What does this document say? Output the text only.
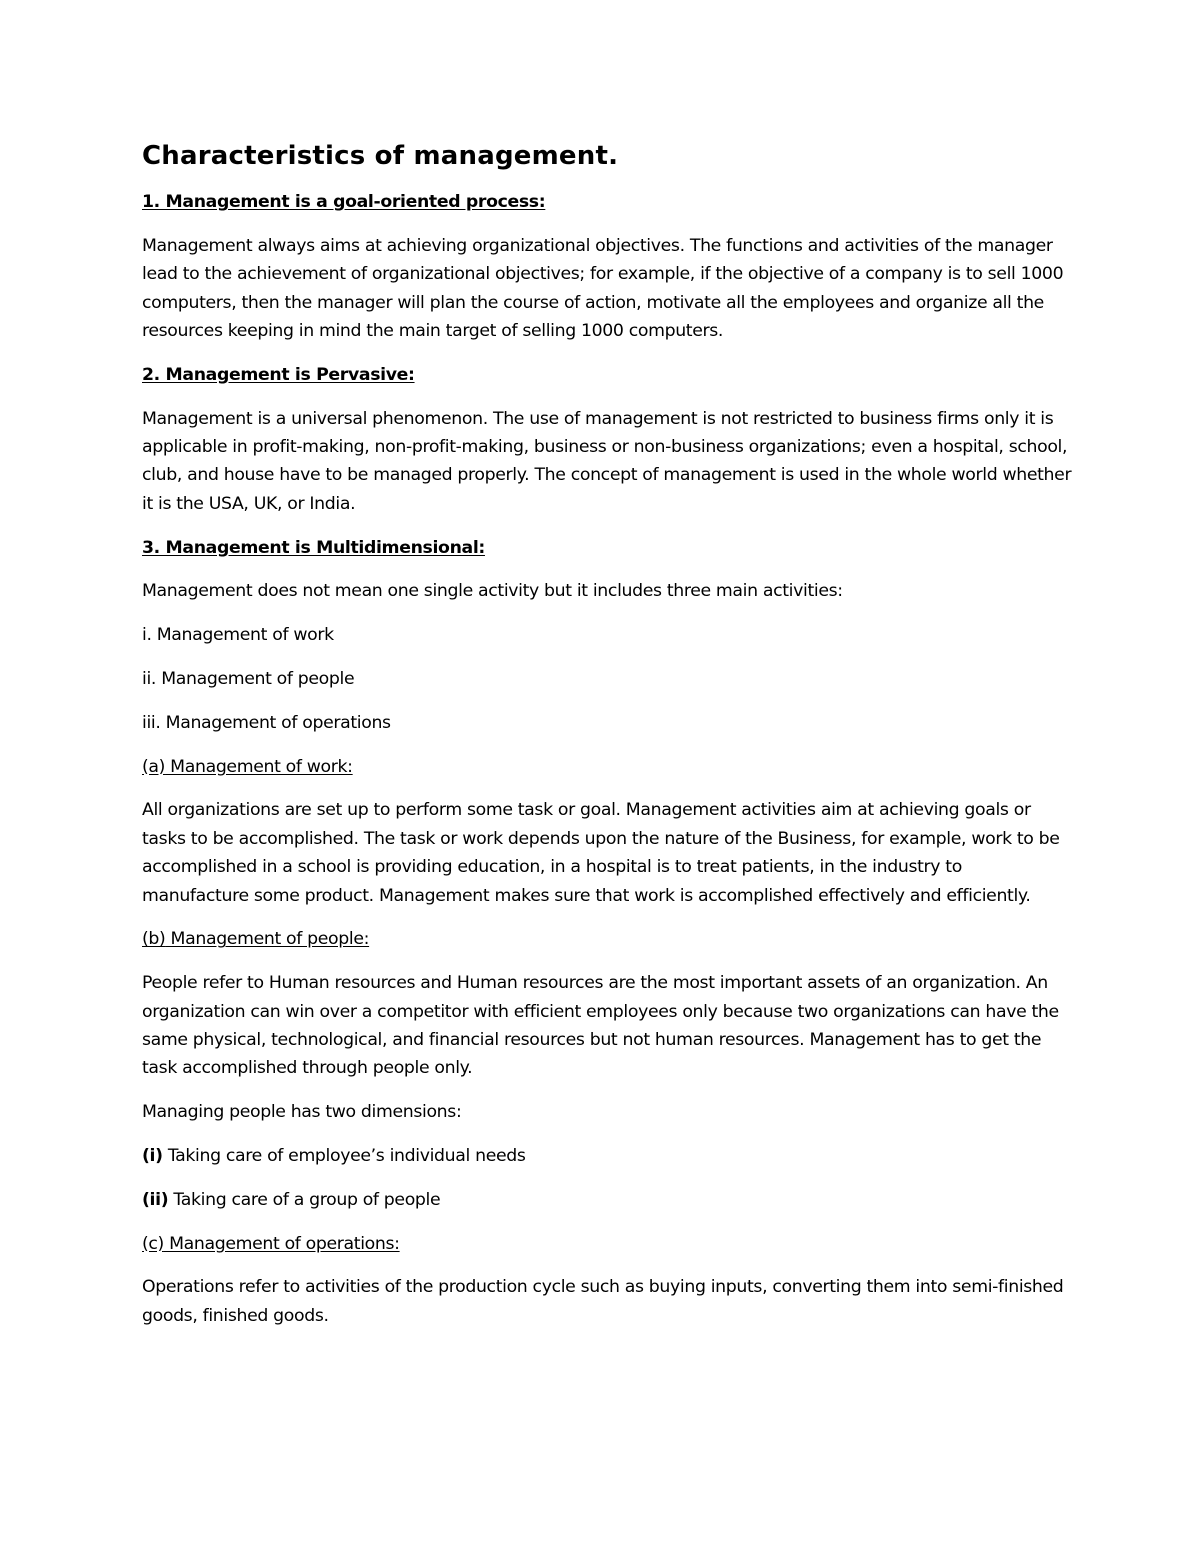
Characteristics of management.

1. Management is a goal-oriented process:

Management always aims at achieving organizational objectives. The functions and activities of the manager lead to the achievement of organizational objectives; for example, if the objective of a company is to sell 1000 computers, then the manager will plan the course of action, motivate all the employees and organize all the resources keeping in mind the main target of selling 1000 computers.

2. Management is Pervasive:

Management is a universal phenomenon. The use of management is not restricted to business firms only it is applicable in profit-making, non-profit-making, business or non-business organizations; even a hospital, school, club, and house have to be managed properly. The concept of management is used in the whole world whether it is the USA, UK, or India.

3. Management is Multidimensional:

Management does not mean one single activity but it includes three main activities:

i. Management of work

ii. Management of people

iii. Management of operations

(a) Management of work:

All organizations are set up to perform some task or goal. Management activities aim at achieving goals or tasks to be accomplished. The task or work depends upon the nature of the Business, for example, work to be accomplished in a school is providing education, in a hospital is to treat patients, in the industry to manufacture some product. Management makes sure that work is accomplished effectively and efficiently.

(b) Management of people:

People refer to Human resources and Human resources are the most important assets of an organization. An organization can win over a competitor with efficient employees only because two organizations can have the same physical, technological, and financial resources but not human resources. Management has to get the task accomplished through people only.

Managing people has two dimensions:

(i) Taking care of employee’s individual needs

(ii) Taking care of a group of people

(c) Management of operations:

Operations refer to activities of the production cycle such as buying inputs, converting them into semi-finished goods, finished goods.
